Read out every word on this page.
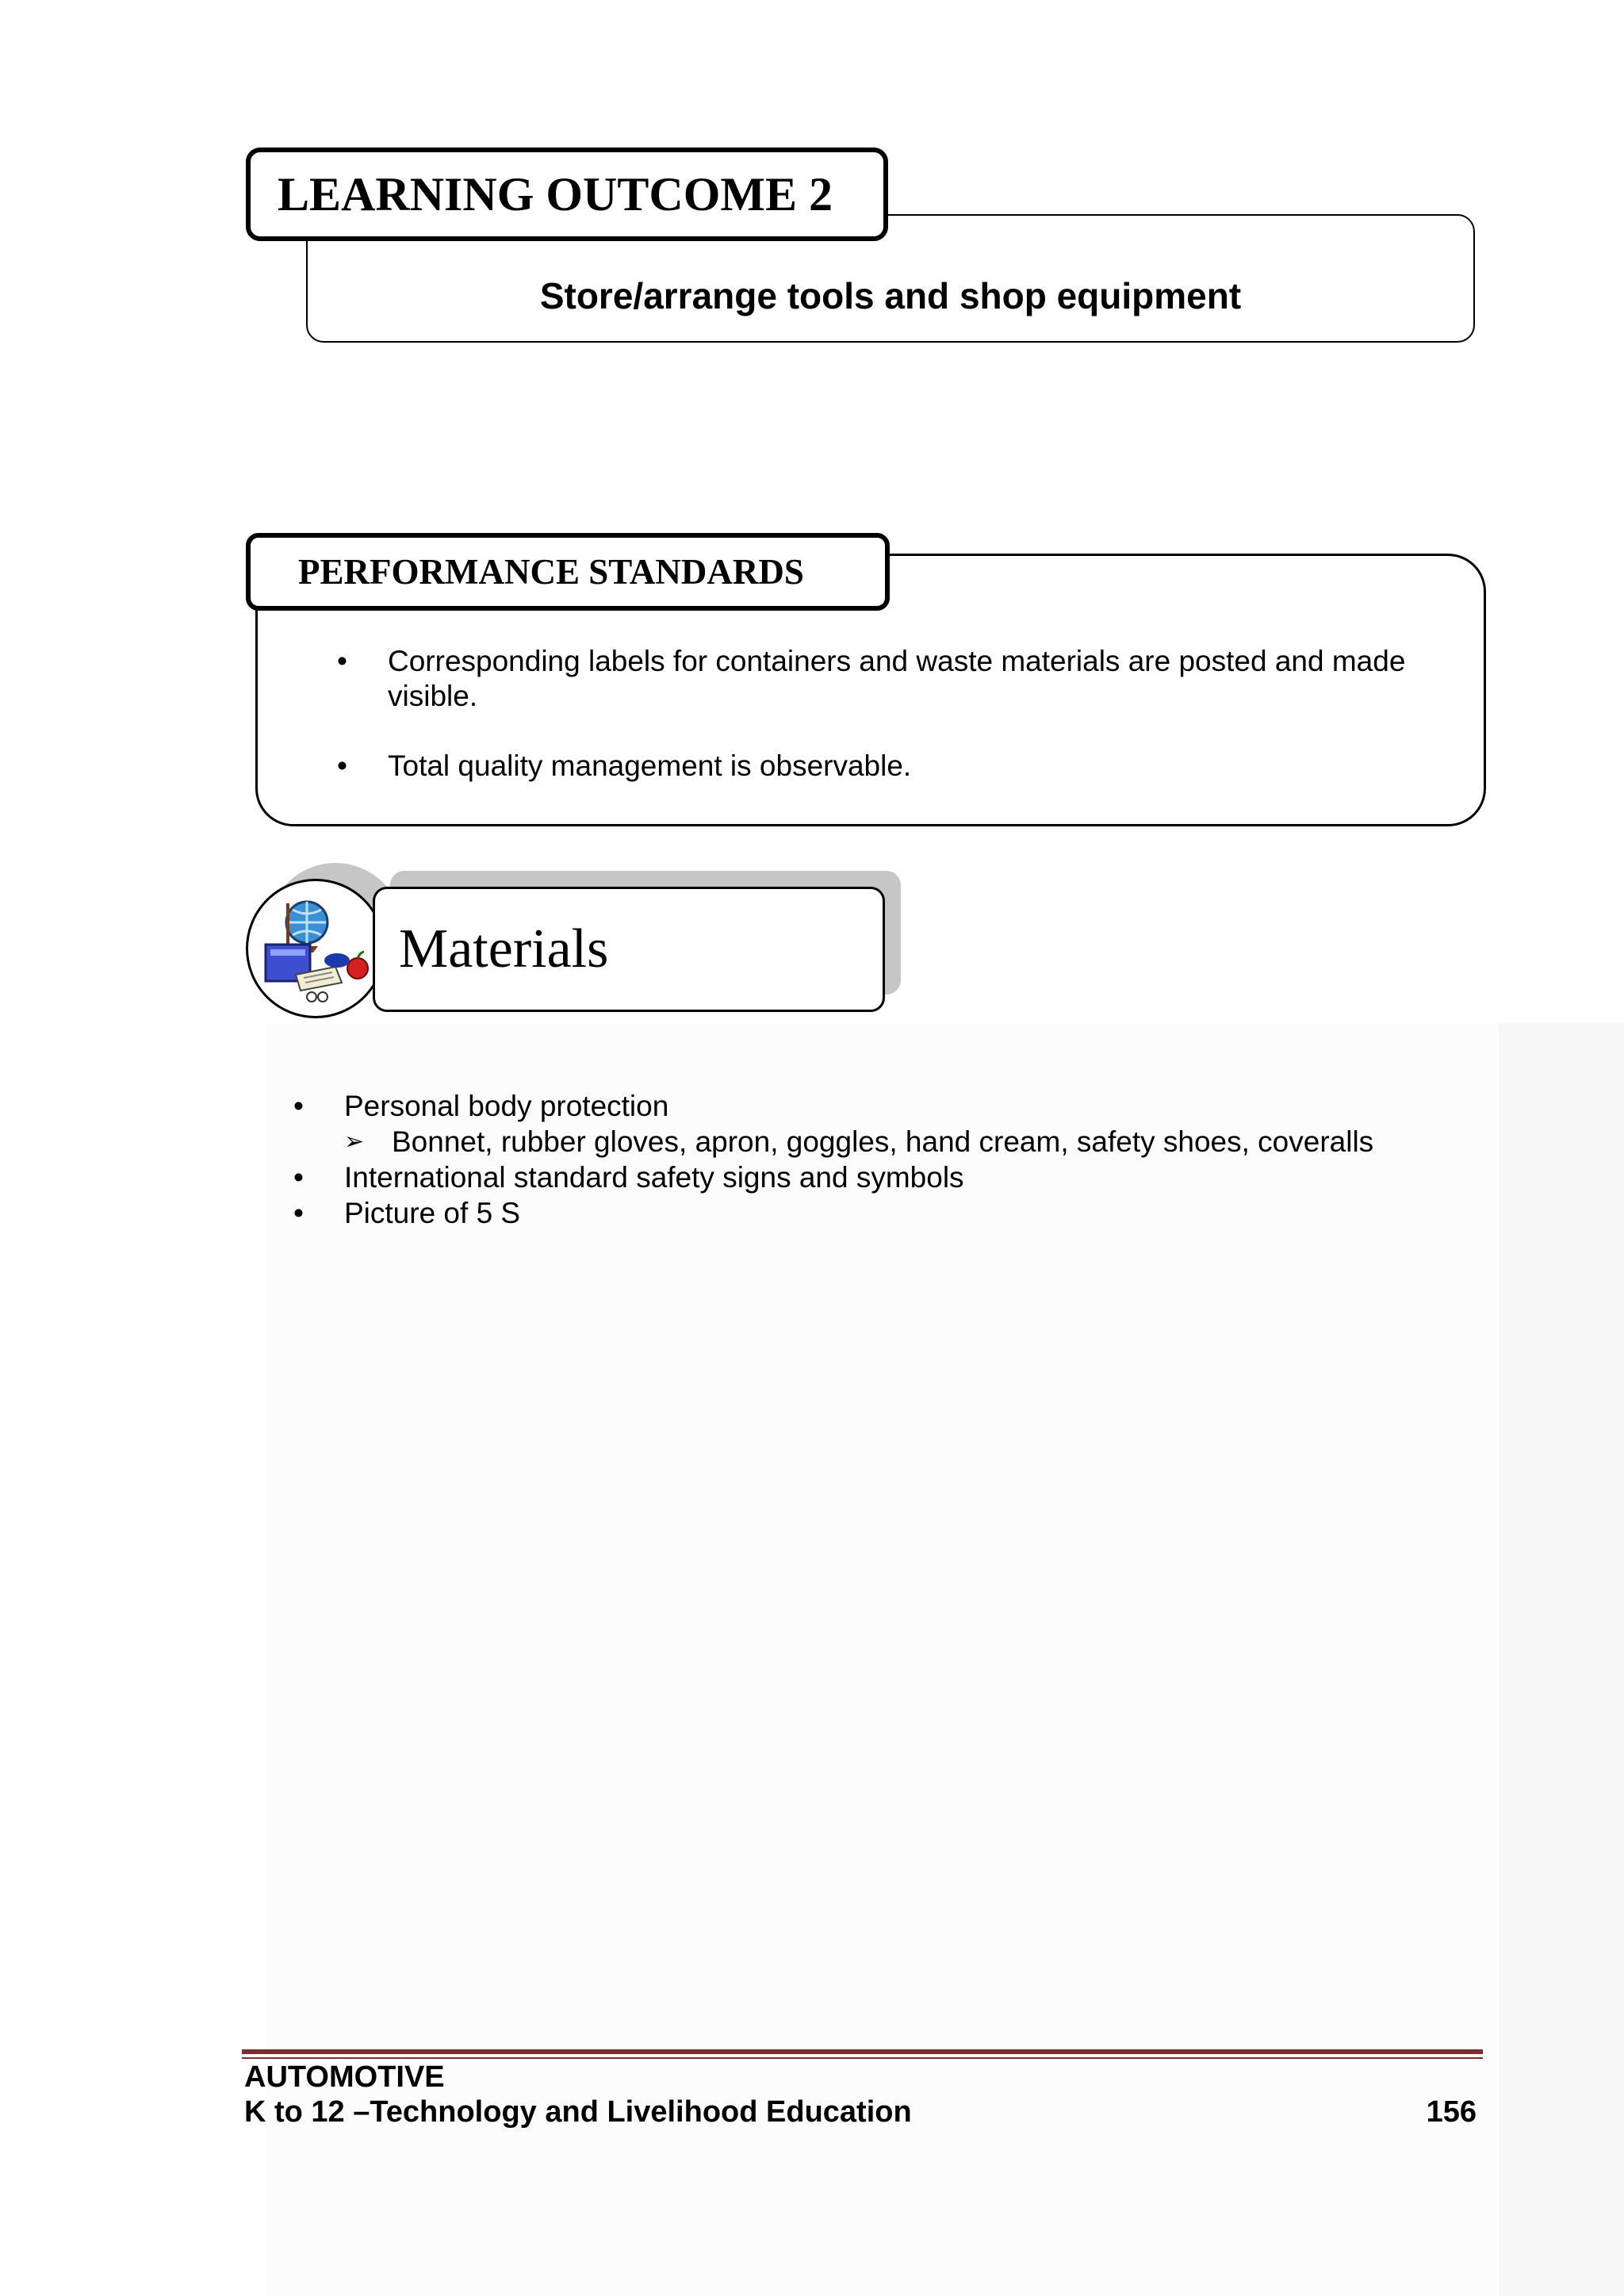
Store/arrange tools and shop equipment
LEARNING OUTCOME 2
PERFORMANCE STANDARDS
• Corresponding labels for containers and waste materials are posted and made visible.
• Total quality management is observable.
Materials
• Personal body protection
➢ Bonnet, rubber gloves, apron, goggles, hand cream, safety shoes, coveralls
• International standard safety signs and symbols
• Picture of 5 S
AUTOMOTIVE
K to 12 –Technology and Livelihood Education	156
